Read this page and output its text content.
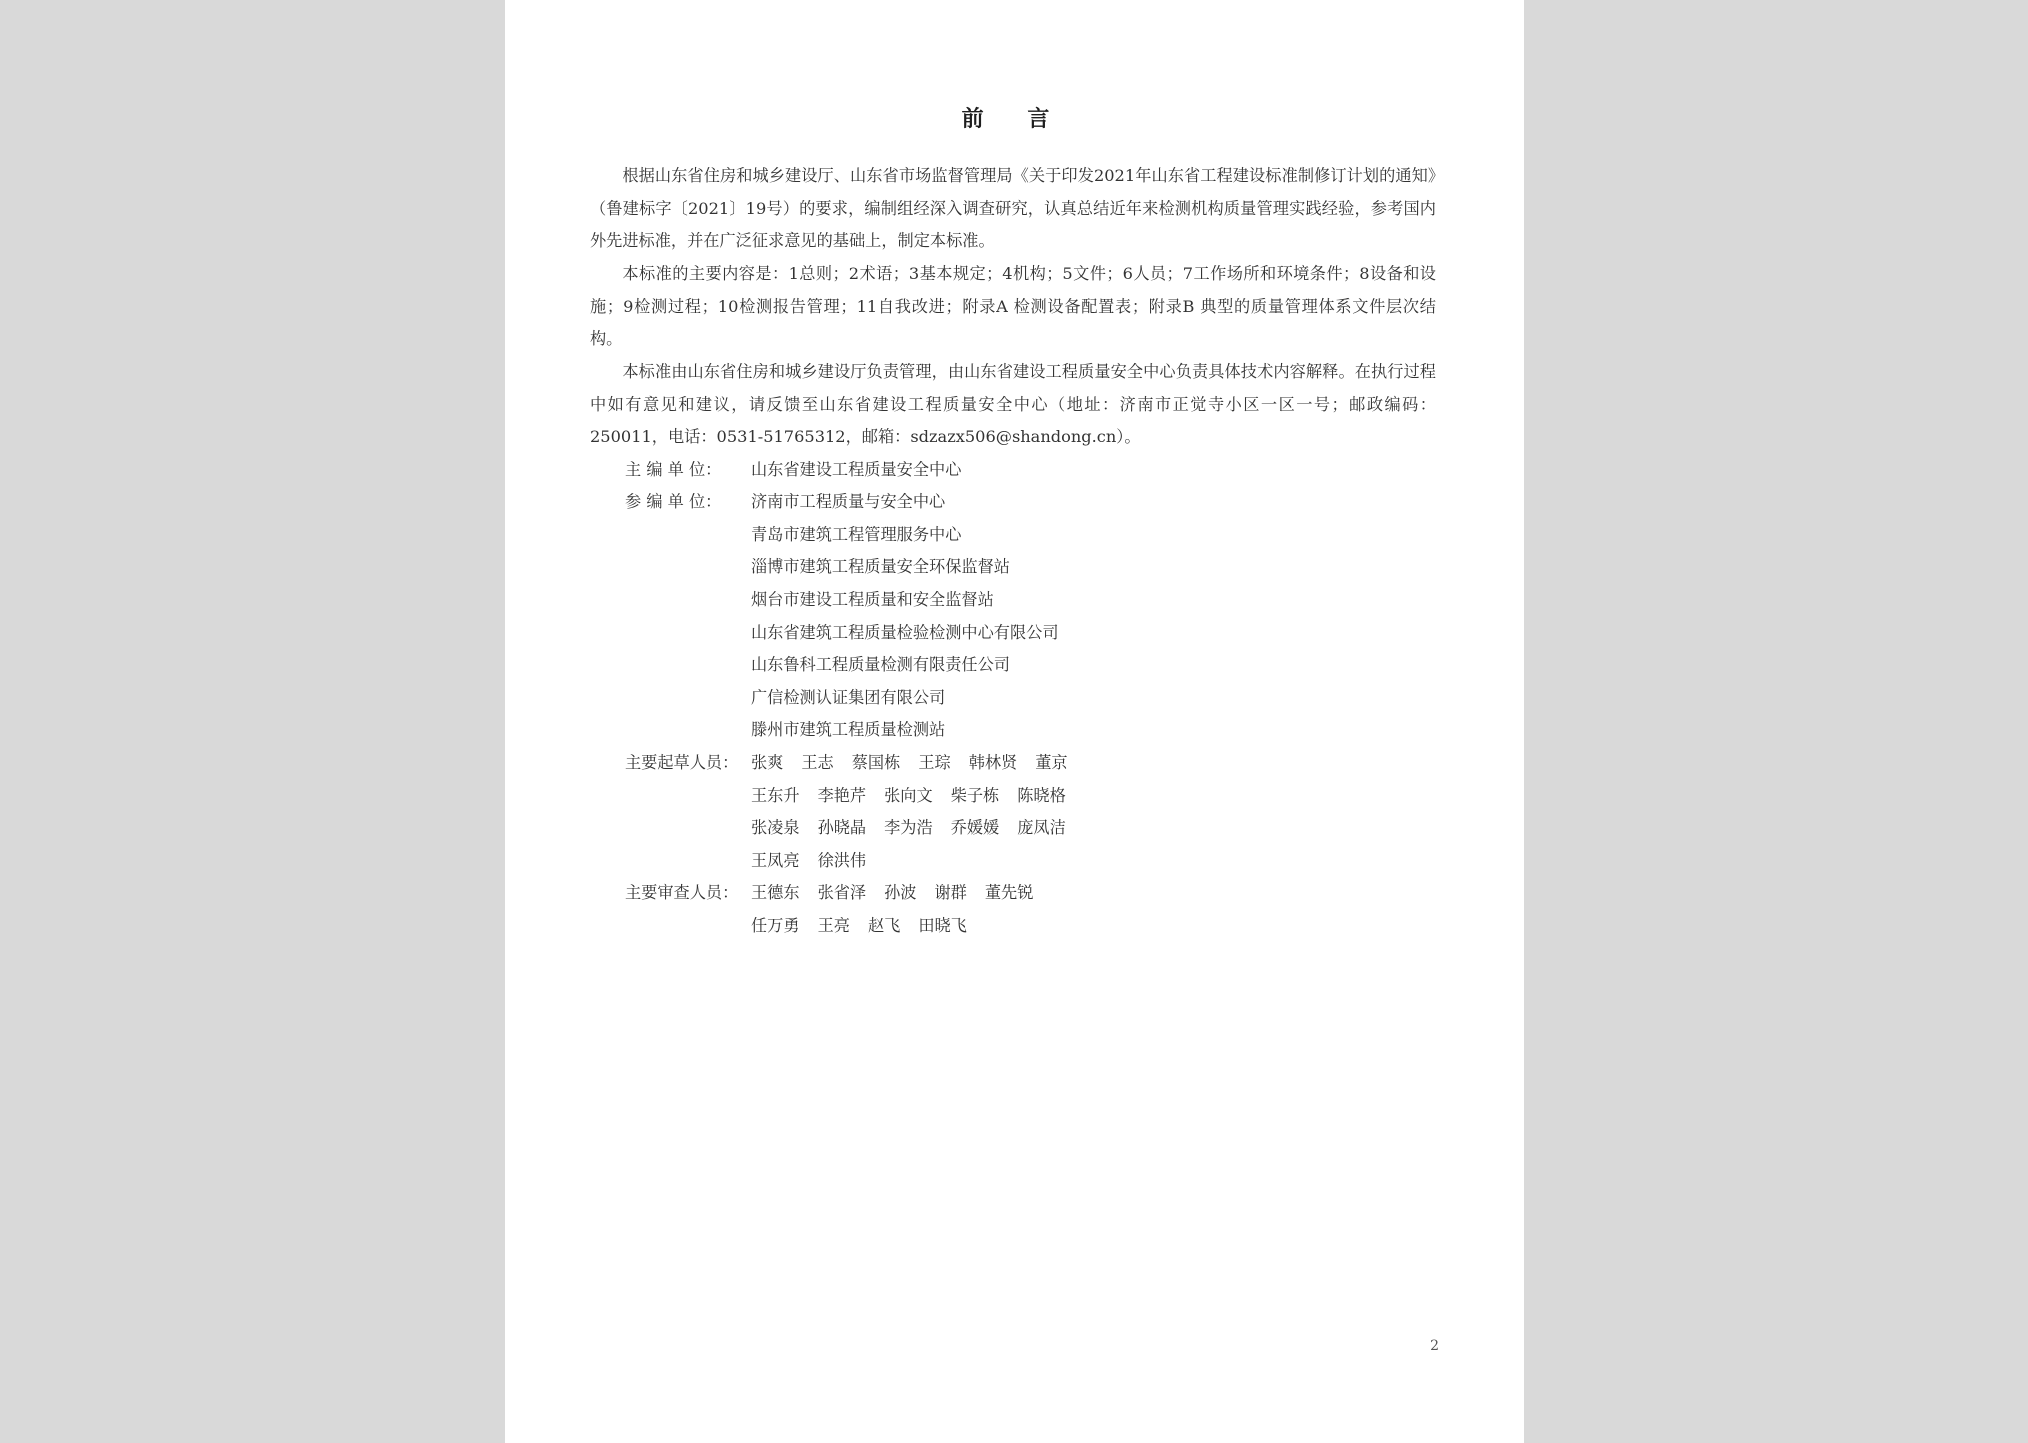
前 言
根据山东省住房和城乡建设厅、山东省市场监督管理局《关于印发2021年山东省工程建设标准制修订计划的通知》（鲁建标字〔2021〕19号）的要求，编制组经深入调查研究，认真总结近年来检测机构质量管理实践经验，参考国内外先进标准，并在广泛征求意见的基础上，制定本标准。
本标准的主要内容是：1总则；2术语；3基本规定；4机构；5文件；6人员；7工作场所和环境条件；8设备和设施；9检测过程；10检测报告管理；11自我改进；附录A 检测设备配置表；附录B 典型的质量管理体系文件层次结构。
本标准由山东省住房和城乡建设厅负责管理，由山东省建设工程质量安全中心负责具体技术内容解释。在执行过程中如有意见和建议，请反馈至山东省建设工程质量安全中心（地址：济南市正觉寺小区一区一号；邮政编码：250011，电话：0531-51765312，邮箱：sdzazx506@shandong.cn）。
主 编 单 位： 山东省建设工程质量安全中心
参 编 单 位： 济南市工程质量与安全中心
青岛市建筑工程管理服务中心
淄博市建筑工程质量安全环保监督站
烟台市建设工程质量和安全监督站
山东省建筑工程质量检验检测中心有限公司
山东鲁科工程质量检测有限责任公司
广信检测认证集团有限公司
滕州市建筑工程质量检测站
主要起草人员： 张爽 王志 蔡国栋 王琮 韩林贤 董京
王东升 李艳芹 张向文 柴子栋 陈晓格
张凌泉 孙晓晶 李为浩 乔媛媛 庞凤洁
王凤亮 徐洪伟
主要审查人员： 王德东 张省泽 孙波 谢群 董先锐
任万勇 王亮 赵飞 田晓飞
2
